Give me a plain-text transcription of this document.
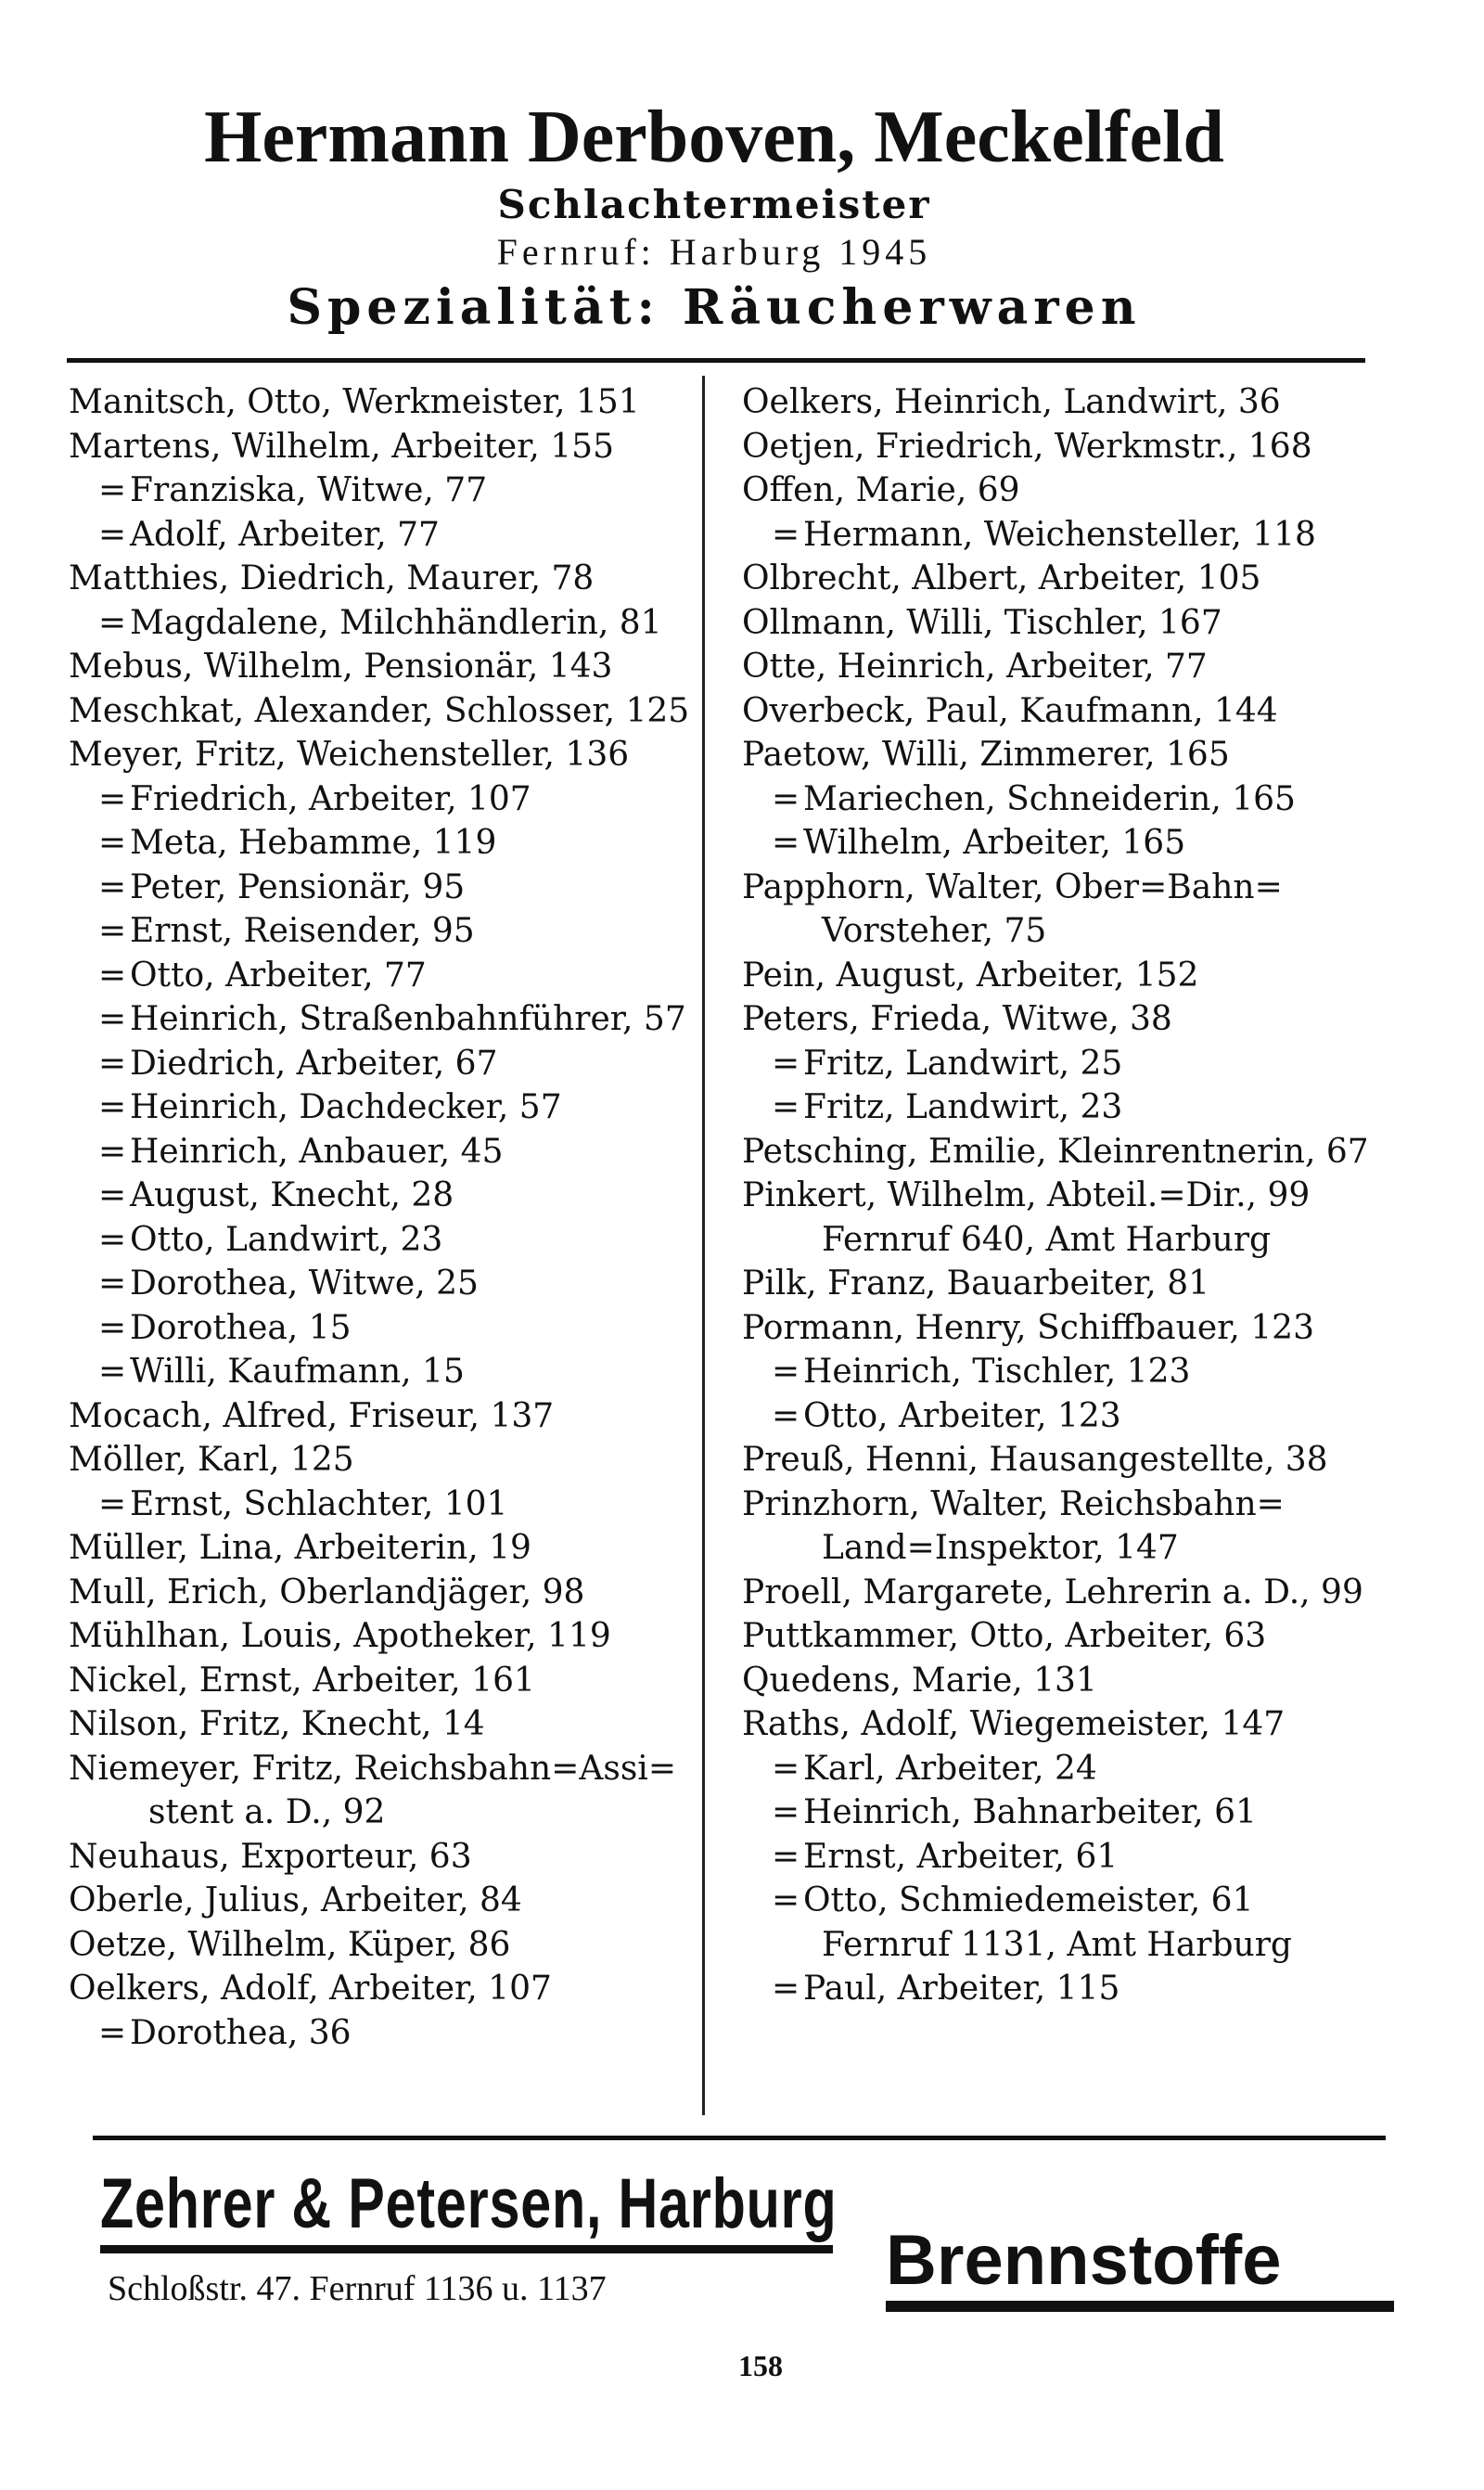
Hermann Derboven, Meckelfeld
Schlachtermeister
Fernruf: Harburg 1945
Spezialität: Räucherwaren
Manitsch, Otto, Werkmeister, 151
Martens, Wilhelm, Arbeiter, 155
= Franziska, Witwe, 77
= Adolf, Arbeiter, 77
Matthies, Diedrich, Maurer, 78
= Magdalene, Milchhändlerin, 81
Mebus, Wilhelm, Pensionär, 143
Meschkat, Alexander, Schlosser, 125
Meyer, Fritz, Weichensteller, 136
= Friedrich, Arbeiter, 107
= Meta, Hebamme, 119
= Peter, Pensionär, 95
= Ernst, Reisender, 95
= Otto, Arbeiter, 77
= Heinrich, Straßenbahnführer, 57
= Diedrich, Arbeiter, 67
= Heinrich, Dachdecker, 57
= Heinrich, Anbauer, 45
= August, Knecht, 28
= Otto, Landwirt, 23
= Dorothea, Witwe, 25
= Dorothea, 15
= Willi, Kaufmann, 15
Mocach, Alfred, Friseur, 137
Möller, Karl, 125
= Ernst, Schlachter, 101
Müller, Lina, Arbeiterin, 19
Mull, Erich, Oberlandjäger, 98
Mühlhan, Louis, Apotheker, 119
Nickel, Ernst, Arbeiter, 161
Nilson, Fritz, Knecht, 14
Niemeyer, Fritz, Reichsbahn=Assi=
stent a. D., 92
Neuhaus, Exporteur, 63
Oberle, Julius, Arbeiter, 84
Oetze, Wilhelm, Küper, 86
Oelkers, Adolf, Arbeiter, 107
= Dorothea, 36
Oelkers, Heinrich, Landwirt, 36
Oetjen, Friedrich, Werkmstr., 168
Offen, Marie, 69
= Hermann, Weichensteller, 118
Olbrecht, Albert, Arbeiter, 105
Ollmann, Willi, Tischler, 167
Otte, Heinrich, Arbeiter, 77
Overbeck, Paul, Kaufmann, 144
Paetow, Willi, Zimmerer, 165
= Mariechen, Schneiderin, 165
= Wilhelm, Arbeiter, 165
Papphorn, Walter, Ober=Bahn=
Vorsteher, 75
Pein, August, Arbeiter, 152
Peters, Frieda, Witwe, 38
= Fritz, Landwirt, 25
= Fritz, Landwirt, 23
Petsching, Emilie, Kleinrentnerin, 67
Pinkert, Wilhelm, Abteil.=Dir., 99
Fernruf 640, Amt Harburg
Pilk, Franz, Bauarbeiter, 81
Pormann, Henry, Schiffbauer, 123
= Heinrich, Tischler, 123
= Otto, Arbeiter, 123
Preuß, Henni, Hausangestellte, 38
Prinzhorn, Walter, Reichsbahn=
Land=Inspektor, 147
Proell, Margarete, Lehrerin a. D., 99
Puttkammer, Otto, Arbeiter, 63
Quedens, Marie, 131
Raths, Adolf, Wiegemeister, 147
= Karl, Arbeiter, 24
= Heinrich, Bahnarbeiter, 61
= Ernst, Arbeiter, 61
= Otto, Schmiedemeister, 61
Fernruf 1131, Amt Harburg
= Paul, Arbeiter, 115
Zehrer & Petersen, Harburg
Schloßstr. 47. Fernruf 1136 u. 1137	Brennstoffe
158
